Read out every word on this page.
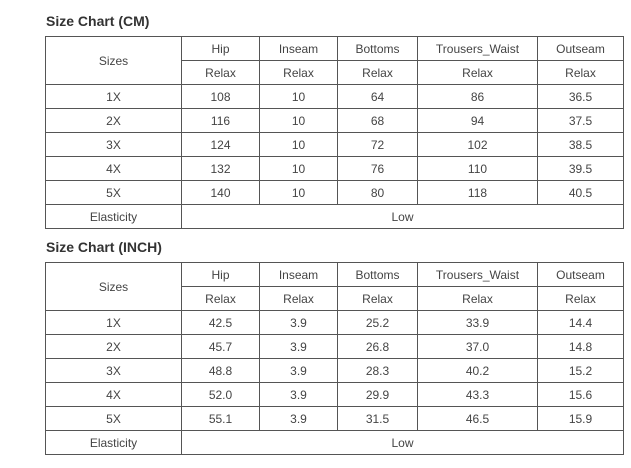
Size Chart (CM)
Sizes	Hip	Inseam	Bottoms	Trousers_Waist	Outseam
	Relax	Relax	Relax	Relax	Relax
1X	108	10	64	86	36.5
2X	116	10	68	94	37.5
3X	124	10	72	102	38.5
4X	132	10	76	110	39.5
5X	140	10	80	118	40.5
Elasticity	Low				
Size Chart (INCH)
Sizes	Hip	Inseam	Bottoms	Trousers_Waist	Outseam
	Relax	Relax	Relax	Relax	Relax
1X	42.5	3.9	25.2	33.9	14.4
2X	45.7	3.9	26.8	37.0	14.8
3X	48.8	3.9	28.3	40.2	15.2
4X	52.0	3.9	29.9	43.3	15.6
5X	55.1	3.9	31.5	46.5	15.9
Elasticity	Low				
